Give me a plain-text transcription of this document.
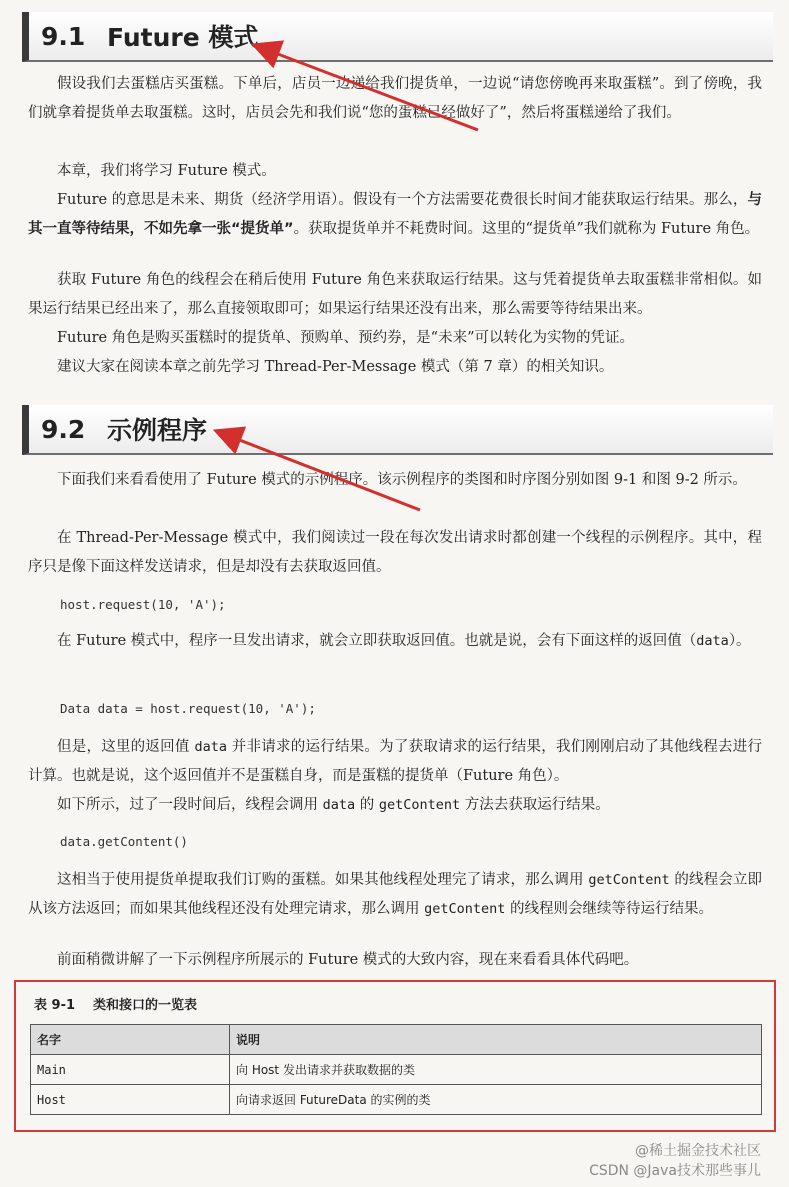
9.1 Future 模式

假设我们去蛋糕店买蛋糕。下单后，店员一边递给我们提货单，一边说“请您傍晚再来取蛋糕”。到了傍晚，我们就拿着提货单去取蛋糕。这时，店员会先和我们说“您的蛋糕已经做好了”，然后将蛋糕递给了我们。

本章，我们将学习 Future 模式。

Future 的意思是未来、期货（经济学用语）。假设有一个方法需要花费很长时间才能获取运行结果。那么，与其一直等待结果，不如先拿一张“提货单”。获取提货单并不耗费时间。这里的“提货单”我们就称为 Future 角色。

获取 Future 角色的线程会在稍后使用 Future 角色来获取运行结果。这与凭着提货单去取蛋糕非常相似。如果运行结果已经出来了，那么直接领取即可；如果运行结果还没有出来，那么需要等待结果出来。

Future 角色是购买蛋糕时的提货单、预购单、预约券，是“未来”可以转化为实物的凭证。

建议大家在阅读本章之前先学习 Thread-Per-Message 模式（第 7 章）的相关知识。

9.2 示例程序

下面我们来看看使用了 Future 模式的示例程序。该示例程序的类图和时序图分别如图 9-1 和图 9-2 所示。

在 Thread-Per-Message 模式中，我们阅读过一段在每次发出请求时都创建一个线程的示例程序。其中，程序只是像下面这样发送请求，但是却没有去获取返回值。

host.request(10, 'A');

在 Future 模式中，程序一旦发出请求，就会立即获取返回值。也就是说，会有下面这样的返回值（data）。

Data data = host.request(10, 'A');

但是，这里的返回值 data 并非请求的运行结果。为了获取请求的运行结果，我们刚刚启动了其他线程去进行计算。也就是说，这个返回值并不是蛋糕自身，而是蛋糕的提货单（Future 角色）。

如下所示，过了一段时间后，线程会调用 data 的 getContent 方法去获取运行结果。

data.getContent()

这相当于使用提货单提取我们订购的蛋糕。如果其他线程处理完了请求，那么调用 getContent 的线程会立即从该方法返回；而如果其他线程还没有处理完请求，那么调用 getContent 的线程则会继续等待运行结果。

前面稍微讲解了一下示例程序所展示的 Future 模式的大致内容，现在来看看具体代码吧。

表 9-1 类和接口的一览表
名字	说明
Main	向 Host 发出请求并获取数据的类
Host	向请求返回 FutureData 的实例的类
@稀土掘金技术社区
CSDN @Java技术那些事儿
